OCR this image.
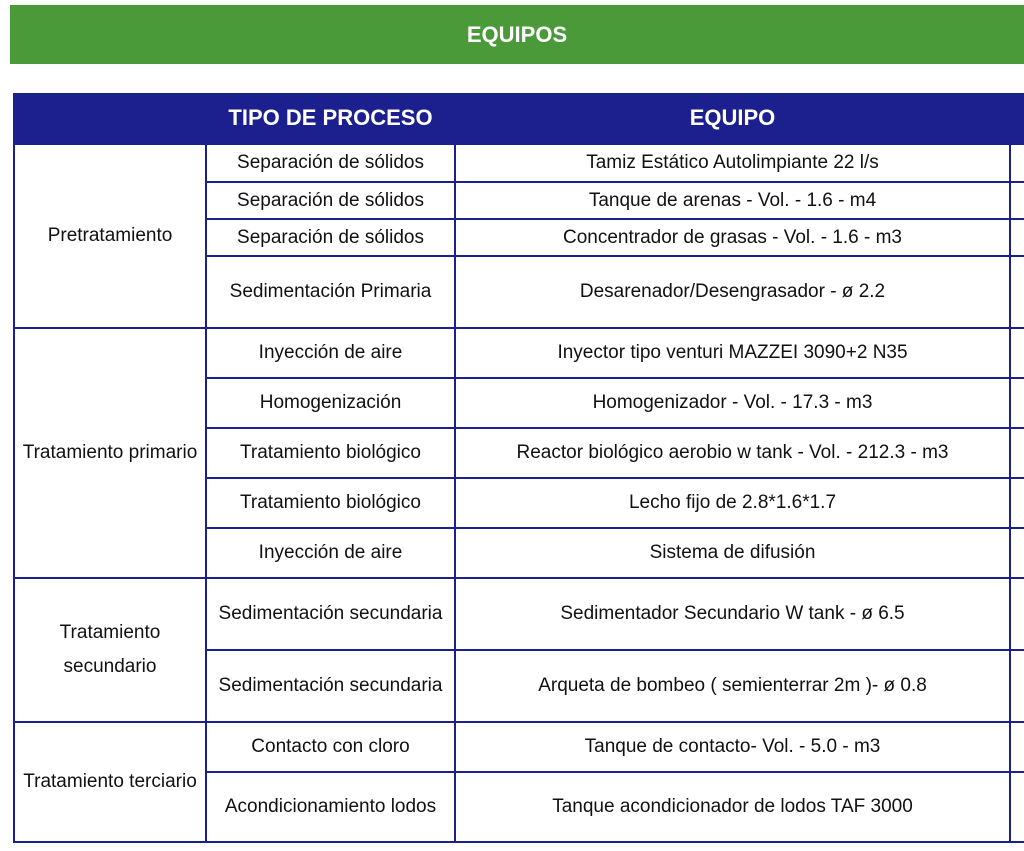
EQUIPOS
	TIPO DE PROCESO	EQUIPO	
Pretratamiento	Separación de sólidos	Tamiz Estático Autolimpiante 22 l/s	
	Separación de sólidos	Tanque de arenas - Vol. - 1.6 - m4	
	Separación de sólidos	Concentrador de grasas - Vol. - 1.6 - m3	
	Sedimentación Primaria	Desarenador/Desengrasador - ø 2.2	
Tratamiento primario	Inyección de aire	Inyector tipo venturi MAZZEI 3090+2 N35	
	Homogenización	Homogenizador - Vol. - 17.3 - m3	
	Tratamiento biológico	Reactor biológico aerobio w tank - Vol. - 212.3 - m3	
	Tratamiento biológico	Lecho fijo de 2.8*1.6*1.7	
	Inyección de aire	Sistema de difusión	
Tratamiento secundario	Sedimentación secundaria	Sedimentador Secundario W tank - ø 6.5	
	Sedimentación secundaria	Arqueta de bombeo ( semienterrar 2m )- ø 0.8	
Tratamiento terciario	Contacto con cloro	Tanque de contacto- Vol. - 5.0 - m3	
	Acondicionamiento lodos	Tanque acondicionador de lodos TAF 3000	
